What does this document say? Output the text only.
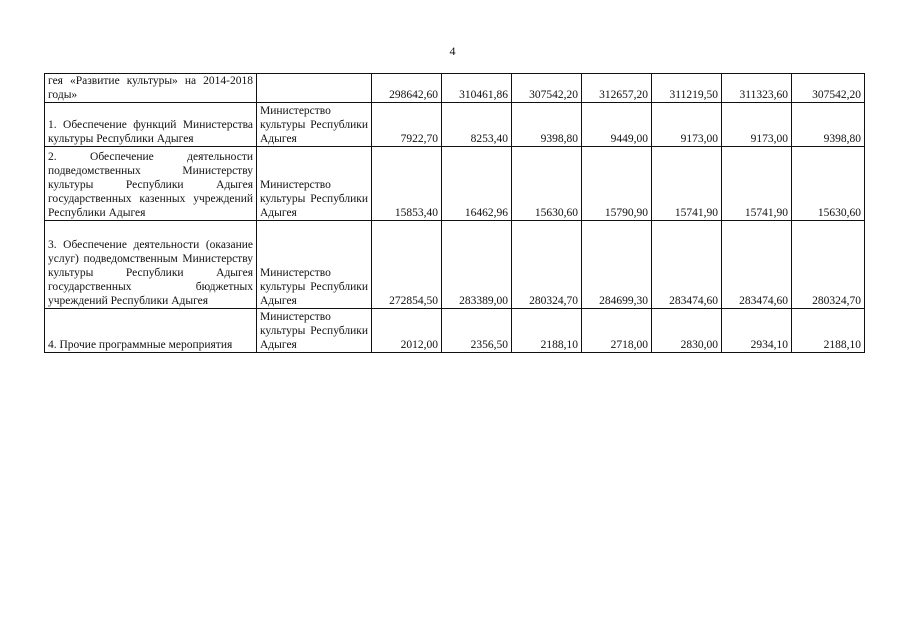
4
гея «Развитие культуры» на 2014-2018 годы»		298642,60	310461,86	307542,20	312657,20	311219,50	311323,60	307542,20
1. Обеспечение функций Министерства культуры Республики Адыгея	Министерство культуры Республики Адыгея	7922,70	8253,40	9398,80	9449,00	9173,00	9173,00	9398,80
2. Обеспечение деятельности подведомственных Министерству культуры Республики Адыгея государственных казенных учреждений Республики Адыгея	Министерство культуры Республики Адыгея	15853,40	16462,96	15630,60	15790,90	15741,90	15741,90	15630,60
3. Обеспечение деятельности (оказание услуг) подведомственным Министерству культуры Республики Адыгея государственных бюджетных учреждений Республики Адыгея	Министерство культуры Республики Адыгея	272854,50	283389,00	280324,70	284699,30	283474,60	283474,60	280324,70
4. Прочие программные мероприятия	Министерство культуры Республики Адыгея	2012,00	2356,50	2188,10	2718,00	2830,00	2934,10	2188,10
